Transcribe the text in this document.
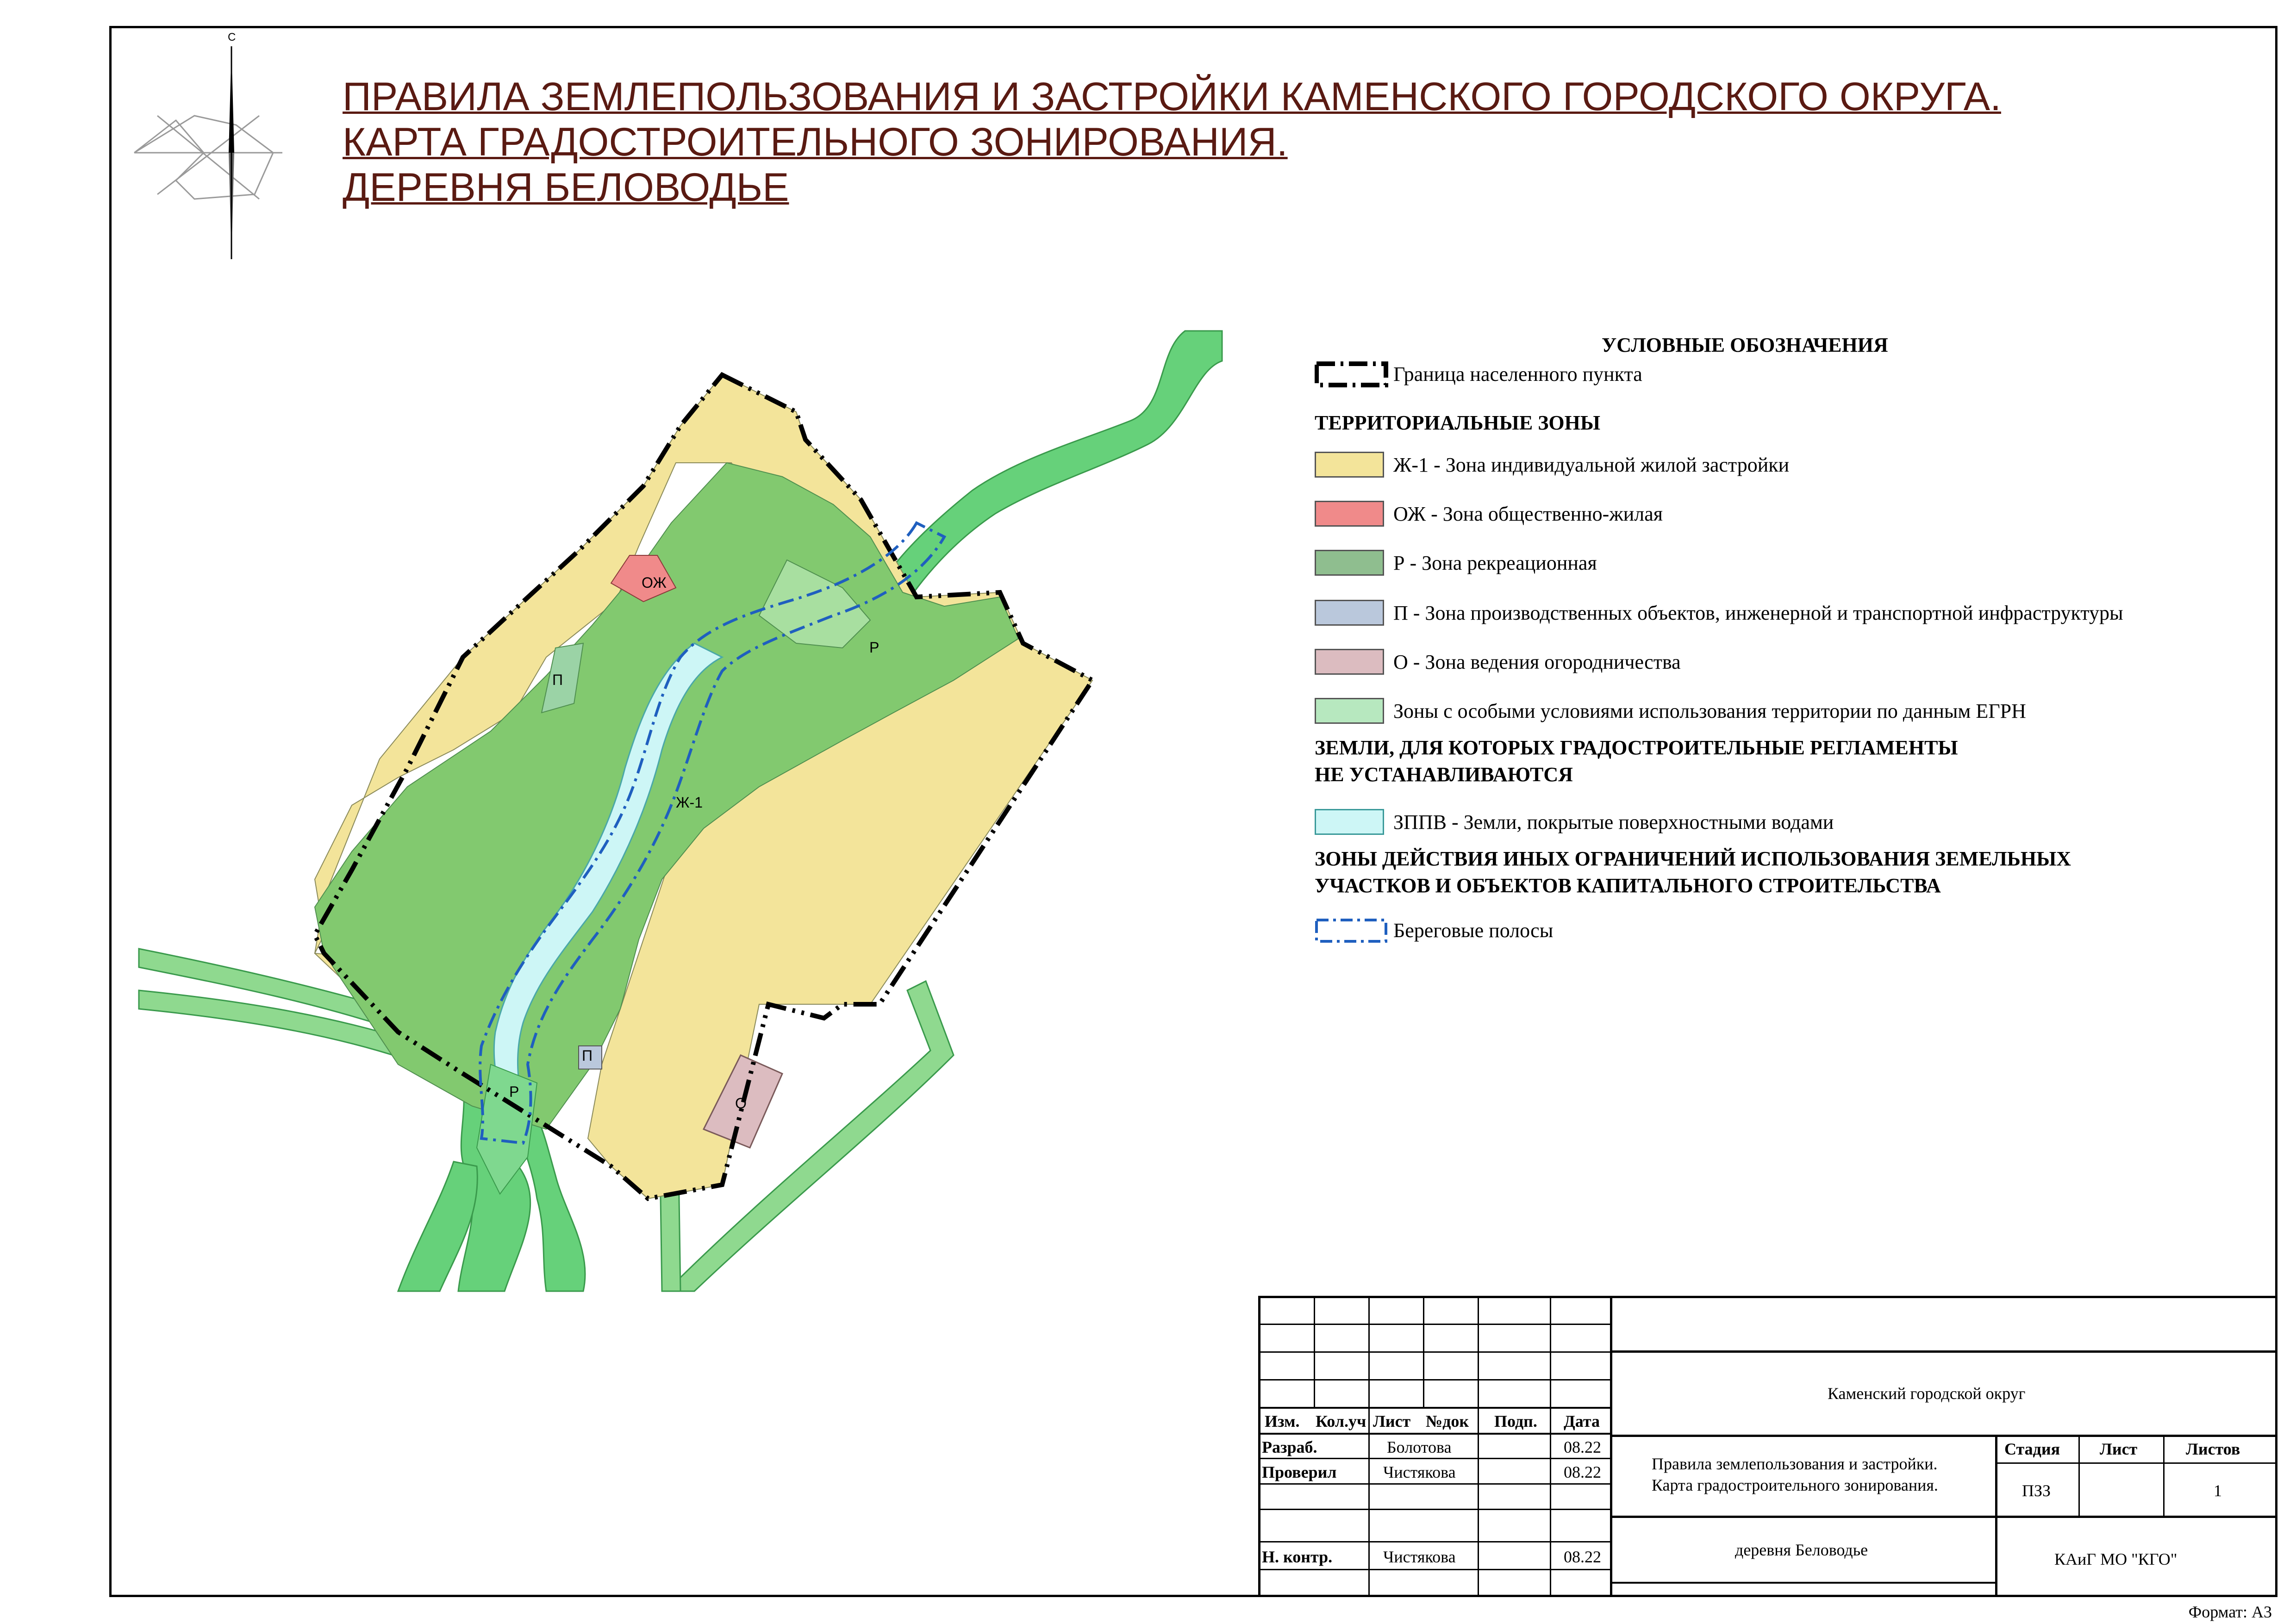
С
ПРАВИЛА ЗЕМЛЕПОЛЬЗОВАНИЯ И ЗАСТРОЙКИ КАМЕНСКОГО ГОРОДСКОГО ОКРУГА.
КАРТА ГРАДОСТРОИТЕЛЬНОГО ЗОНИРОВАНИЯ.
ДЕРЕВНЯ БЕЛОВОДЬЕ
ОЖ
П
П
Ж-1
Р
Р
О
УСЛОВНЫЕ ОБОЗНАЧЕНИЯ
Граница населенного пункта
ТЕРРИТОРИАЛЬНЫЕ ЗОНЫ
Ж-1 - Зона индивидуальной жилой застройки
ОЖ - Зона общественно-жилая
Р - Зона рекреационная
П - Зона производственных объектов, инженерной и транспортной инфраструктуры
О - Зона ведения огородничества
Зоны с особыми условиями использования территории по данным ЕГРН
ЗЕМЛИ, ДЛЯ КОТОРЫХ ГРАДОСТРОИТЕЛЬНЫЕ РЕГЛАМЕНТЫ
НЕ УСТАНАВЛИВАЮТСЯ
ЗППВ - Земли, покрытые поверхностными водами
ЗОНЫ ДЕЙСТВИЯ ИНЫХ ОГРАНИЧЕНИЙ ИСПОЛЬЗОВАНИЯ ЗЕМЕЛЬНЫХ
УЧАСТКОВ И ОБЪЕКТОВ КАПИТАЛЬНОГО СТРОИТЕЛЬСТВА
Береговые полосы
Изм. Кол.уч Лист №док Подп. Дата
Разраб.	Болотова	08.22
Проверил	Чистякова	08.22
Н. контр.	Чистякова	08.22
Каменский городской округ
Правила землепользования и застройки.
Карта градостроительного зонирования.
Стадия Лист	Листов
ПЗЗ	1
деревня Беловодье	КАиГ МО "КГО"
Формат: А3
